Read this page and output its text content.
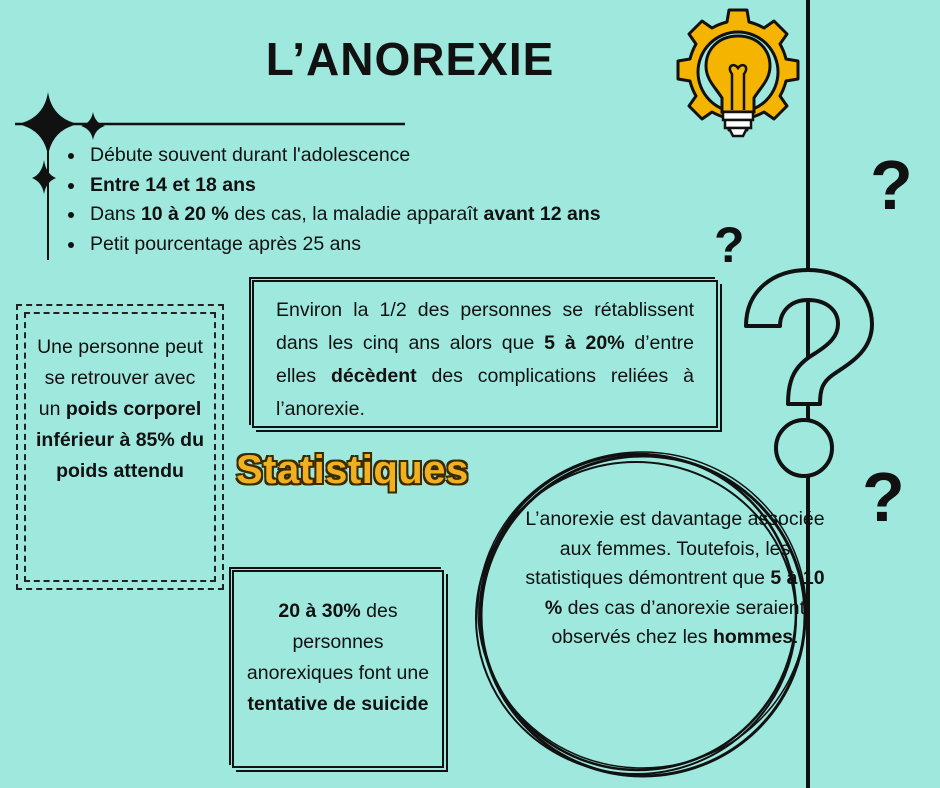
L’ANOREXIE
• Débute souvent durant l'adolescence
• Entre 14 et 18 ans
• Dans 10 à 20 % des cas, la maladie apparaît avant 12 ans
• Petit pourcentage après 25 ans
?
?
?
Environ la 1/2 des personnes se rétablissent dans les cinq ans alors que 5 à 20% d’entre elles décèdent des complications reliées à l’anorexie.
Une personne peut se retrouver avec un poids corporel inférieur à 85% du poids attendu	Statistiques
20 à 30% des personnes anorexiques font une tentative de suicide
L’anorexie est davantage associée aux femmes. Toutefois, les statistiques démontrent que 5 à 10 % des cas d’anorexie seraient observés chez les hommes.
